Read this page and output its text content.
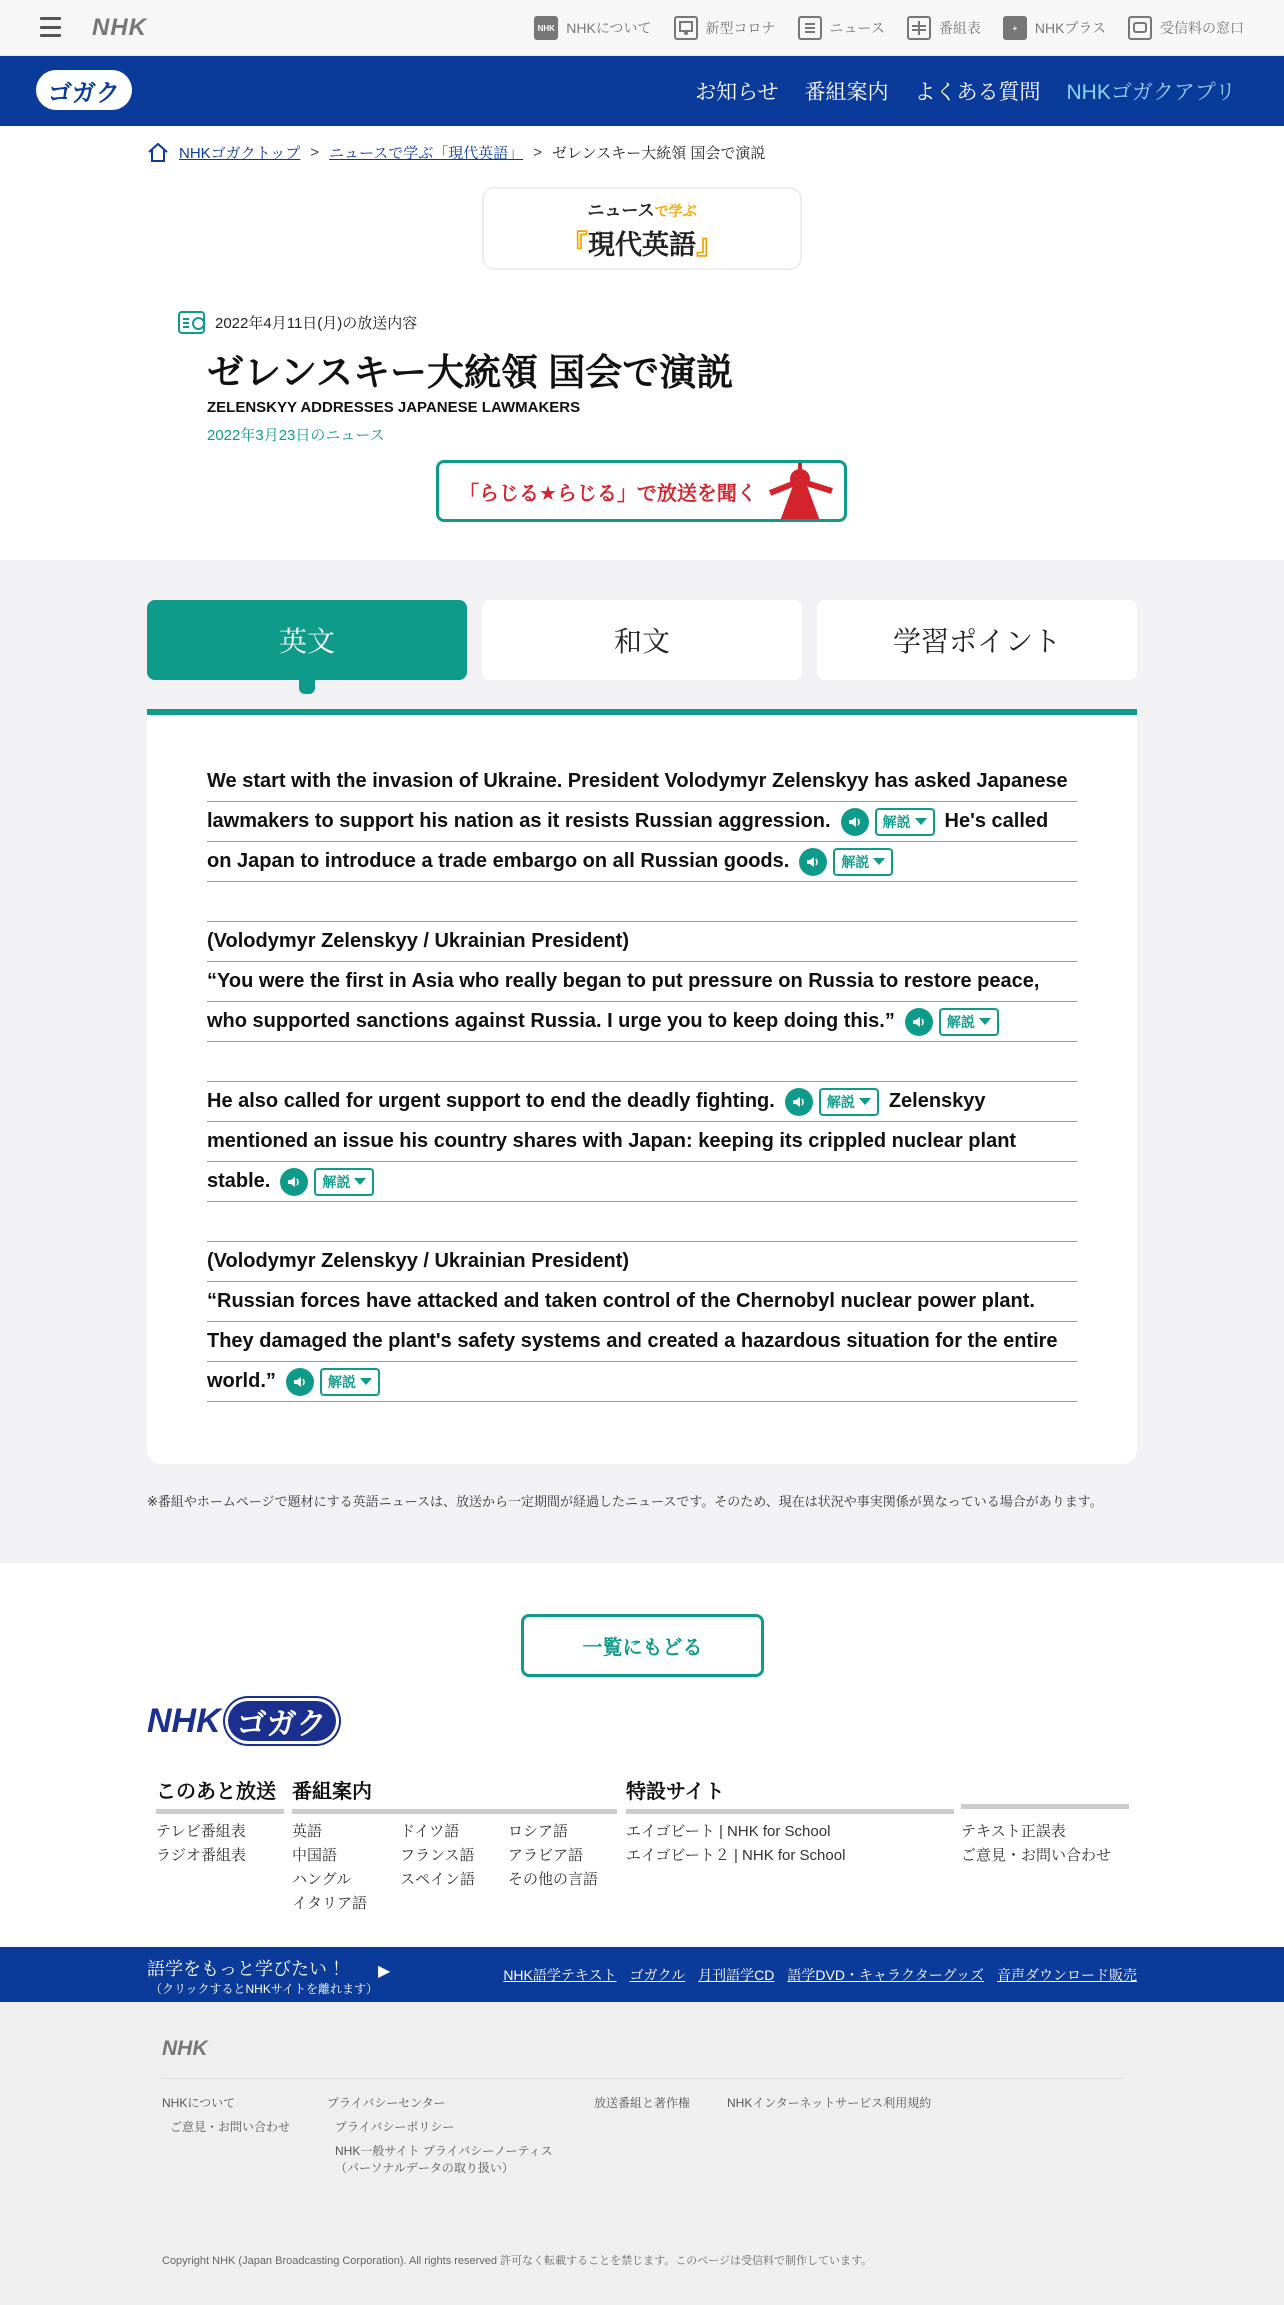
NHK	NHK NHKについて	新型コロナ	ニュース	番組表	+	NHKプラス	受信料の窓口
ゴガク	お知らせ 番組案内 よくある質問 NHKゴガクアプリ
NHKゴガクトップ > ニュースで学ぶ「現代英語」 > ゼレンスキー大統領 国会で演説
ニュースで学ぶ
『現代英語』
2022年4月11日(月)の放送内容
ゼレンスキー大統領 国会で演説
ZELENSKYY ADDRESSES JAPANESE LAWMAKERS
2022年3月23日のニュース
「らじる★らじる」で放送を聞く
英文	和文	学習ポイント
We start with the invasion of Ukraine. President Volodymyr Zelenskyy has asked Japanese
lawmakers to support his nation as it resists Russian aggression.	解説 He's called
on Japan to introduce a trade embargo on all Russian goods.	解説
(Volodymyr Zelenskyy / Ukrainian President)
“You were the first in Asia who really began to put pressure on Russia to restore peace,
who supported sanctions against Russia. I urge you to keep doing this.”	解説
He also called for urgent support to end the deadly fighting.	解説 Zelenskyy
mentioned an issue his country shares with Japan: keeping its crippled nuclear plant
stable.	解説
(Volodymyr Zelenskyy / Ukrainian President)
“Russian forces have attacked and taken control of the Chernobyl nuclear power plant.
They damaged the plant's safety systems and created a hazardous situation for the entire
world.”	解説
※番組やホームページで題材にする英語ニュースは、放送から一定期間が経過したニュースです。そのため、現在は状況や事実関係が異なっている場合があります。
一覧にもどる
NHK ゴガク
このあと放送 番組案内	特設サイト
テレビ番組表
ラジオ番組表
英語
中国語
ハングル
イタリア語
ドイツ語
フランス語
スペイン語
ロシア語
アラビア語
その他の言語
エイゴビート | NHK for School
エイゴビート２ | NHK for School
テキスト正誤表
ご意見・お問い合わせ
語学をもっと学びたい ！
（クリックするとNHKサイトを離れます）
▶	NHK語学テキスト ゴガクル 月刊語学CD 語学DVD・キャラクターグッズ 音声ダウンロード販売
NHK
NHKについて
ご意見・お問い合わせ
プライバシーセンター
プライバシーポリシー
NHK一般サイト プライバシーノーティス
（パーソナルデータの取り扱い）
放送番組と著作権	NHKインターネットサービス利用規約
Copyright NHK (Japan Broadcasting Corporation). All rights reserved 許可なく転載することを禁じます。このページは受信料で制作しています。
